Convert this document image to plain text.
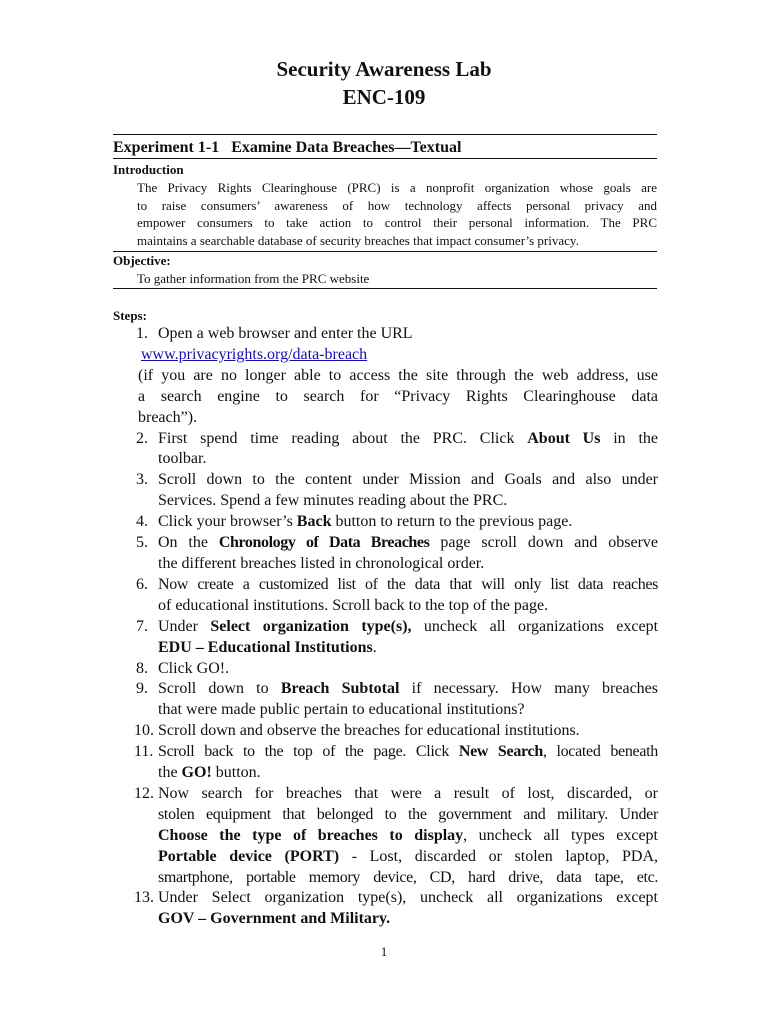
Security Awareness Lab
ENC-109
Experiment 1-1   Examine Data Breaches—Textual
Introduction
The Privacy Rights Clearinghouse (PRC) is a nonprofit organization whose goals are
to raise consumers’ awareness of how technology affects personal privacy and
empower consumers to take action to control their personal information. The PRC
maintains a searchable database of security breaches that impact consumer’s privacy.
Objective:
To gather information from the PRC website
Steps:
1. Open a web browser and enter the URL
www.privacyrights.org/data-breach
(if you are no longer able to access the site through the web address, use
a search engine to search for “Privacy Rights Clearinghouse data
breach”).
2. First spend time reading about the PRC. Click About Us in the
toolbar.
3. Scroll down to the content under Mission and Goals and also under
Services. Spend a few minutes reading about the PRC.
4. Click your browser’s Back button to return to the previous page.
5. On the Chronology of Data Breaches page scroll down and observe
the different breaches listed in chronological order.
6. Now create a customized list of the data that will only list data reaches
of educational institutions. Scroll back to the top of the page.
7. Under Select organization type(s), uncheck all organizations except
EDU – Educational Institutions.
8. Click GO!.
9. Scroll down to Breach Subtotal if necessary. How many breaches
that were made public pertain to educational institutions?
10. Scroll down and observe the breaches for educational institutions.
11. Scroll back to the top of the page. Click New Search, located beneath
the GO! button.
12. Now search for breaches that were a result of lost, discarded, or
stolen equipment that belonged to the government and military. Under
Choose the type of breaches to display, uncheck all types except
Portable device (PORT) - Lost, discarded or stolen laptop, PDA,
smartphone, portable memory device, CD, hard drive, data tape, etc.
13. Under Select organization type(s), uncheck all organizations except
GOV – Government and Military.
1
